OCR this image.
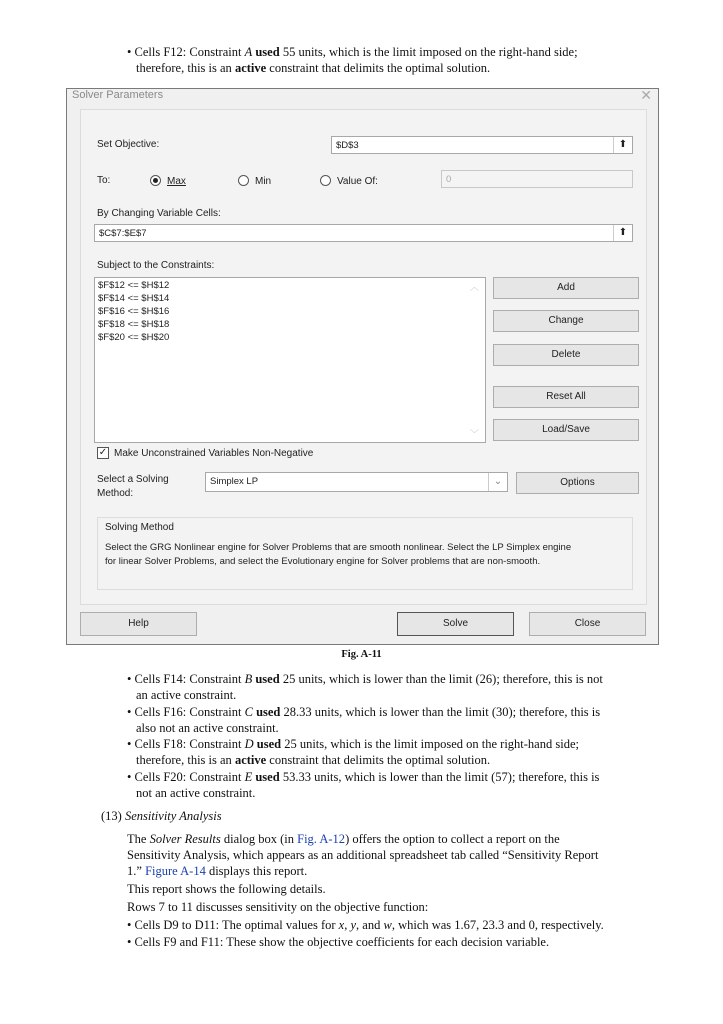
• Cells F12: Constraint A used 55 units, which is the limit imposed on the right-hand side;
therefore, this is an active constraint that delimits the optimal solution.
Solver Parameters	✕
Set Objective:	$D$3	⬆
To:	Max	Min	Value Of:	0
By Changing Variable Cells:
$C$7:$E$7	⬆
Subject to the Constraints:
$F$12 <= $H$12
$F$14 <= $H$14
$F$16 <= $H$16
$F$18 <= $H$18
$F$20 <= $H$20
︿
﹀
Add
Change
Delete
Reset All
Load/Save
✓ Make Unconstrained Variables Non-Negative
Select a Solving
Method:
Simplex LP	⌄	Options
Solving Method
Select the GRG Nonlinear engine for Solver Problems that are smooth nonlinear. Select the LP Simplex engine
for linear Solver Problems, and select the Evolutionary engine for Solver problems that are non-smooth.
Help	Solve	Close
Fig. A-11
• Cells F14: Constraint B used 25 units, which is lower than the limit (26); therefore, this is not
an active constraint.
• Cells F16: Constraint C used 28.33 units, which is lower than the limit (30); therefore, this is
also not an active constraint.
• Cells F18: Constraint D used 25 units, which is the limit imposed on the right-hand side;
therefore, this is an active constraint that delimits the optimal solution.
• Cells F20: Constraint E used 53.33 units, which is lower than the limit (57); therefore, this is
not an active constraint.
(13) Sensitivity Analysis
The Solver Results dialog box (in Fig. A-12) offers the option to collect a report on the
Sensitivity Analysis, which appears as an additional spreadsheet tab called “Sensitivity Report
1.” Figure A-14 displays this report.
This report shows the following details.
Rows 7 to 11 discusses sensitivity on the objective function:
• Cells D9 to D11: The optimal values for x, y, and w, which was 1.67, 23.3 and 0, respectively.
• Cells F9 and F11: These show the objective coefficients for each decision variable.
